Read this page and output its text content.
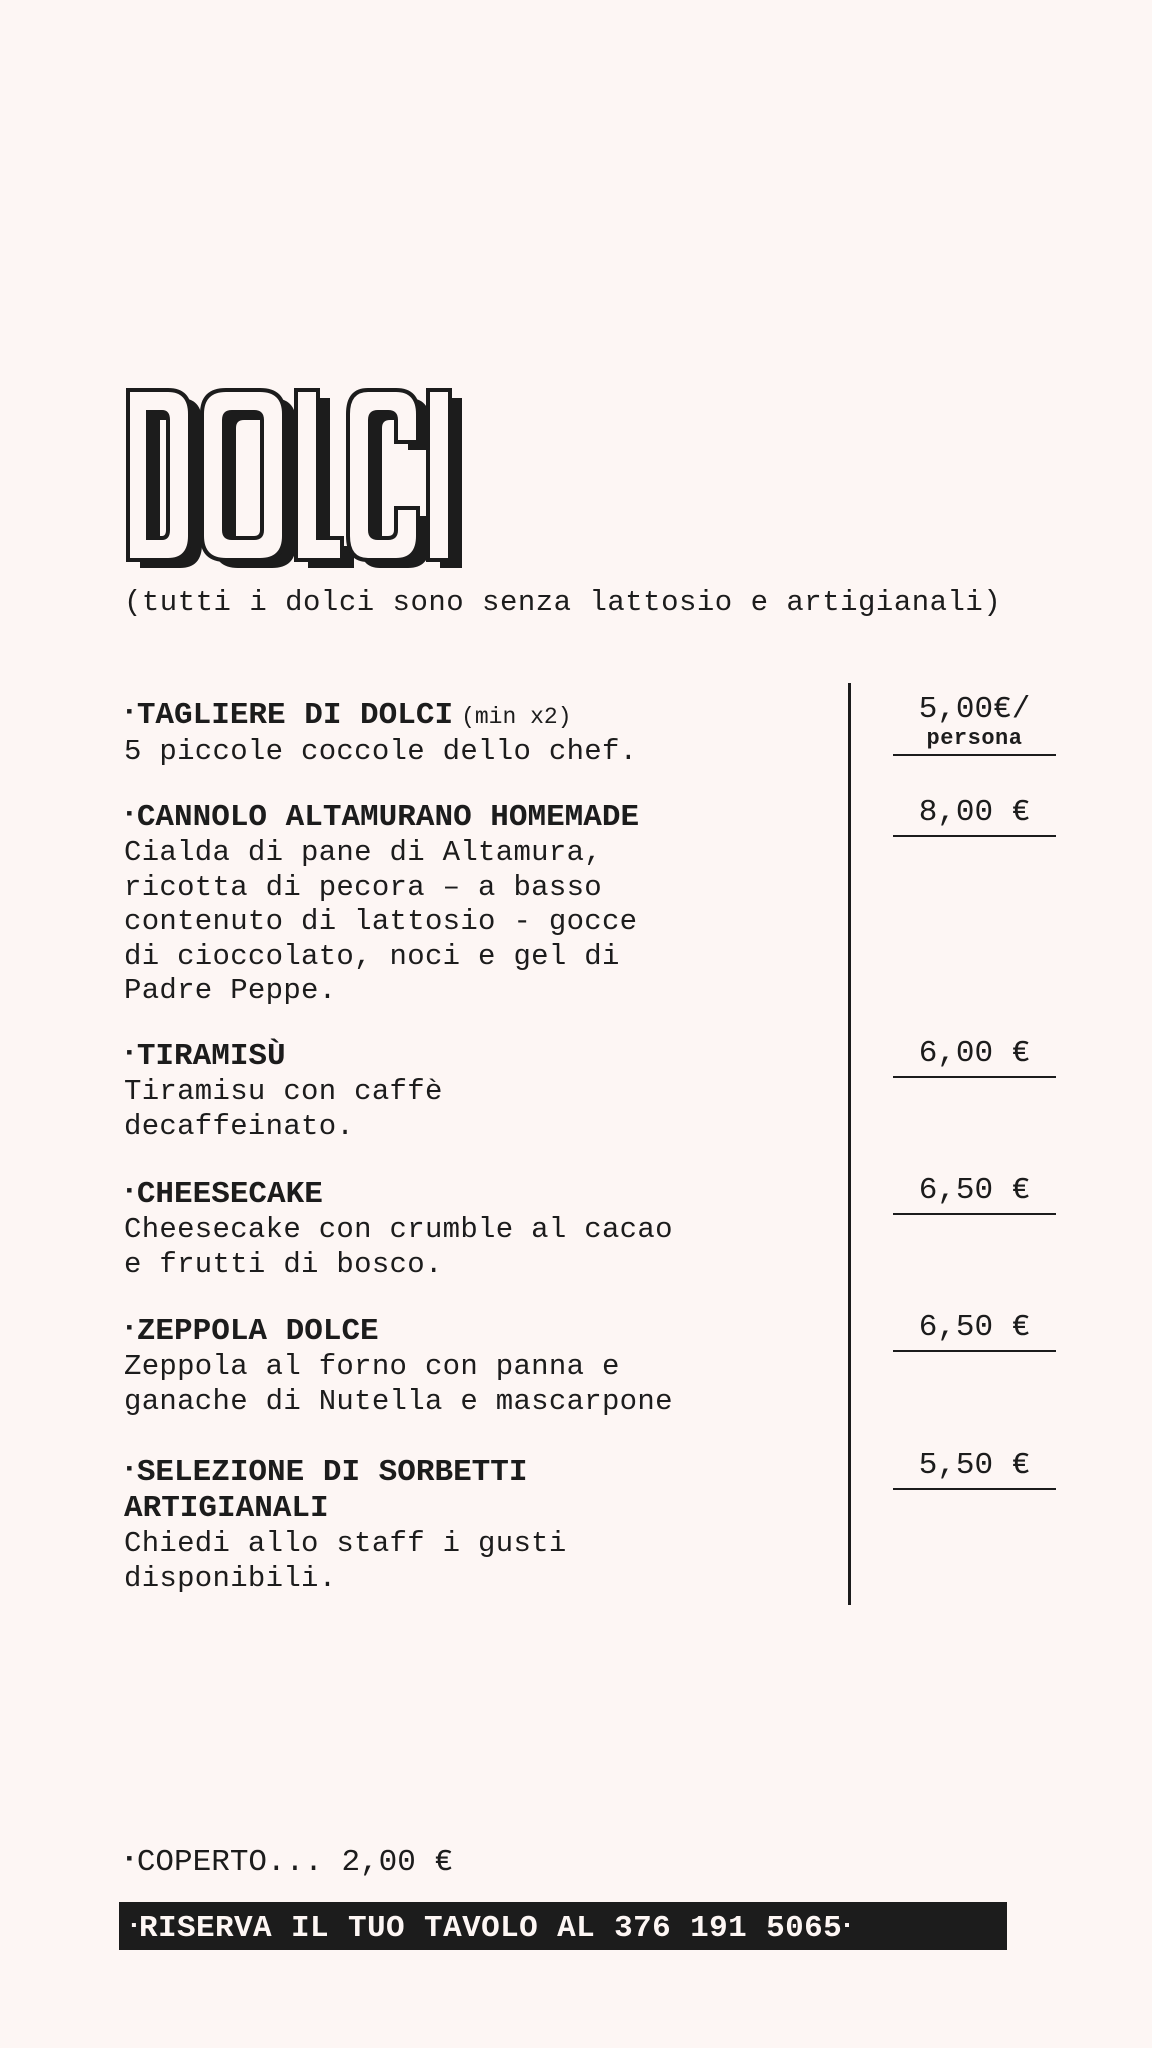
(tutti i dolci sono senza lattosio e artigianali)
▪TAGLIERE DI DOLCI (min x2)
5 piccole coccole dello chef.
5,00€/
persona
▪CANNOLO ALTAMURANO HOMEMADE
Cialda di pane di Altamura,
ricotta di pecora – a basso
contenuto di lattosio - gocce
di cioccolato, noci e gel di
Padre Peppe.
8,00 €
▪TIRAMISÙ
Tiramisu con caffè
decaffeinato.
6,00 €
▪CHEESECAKE
Cheesecake con crumble al cacao
e frutti di bosco.
6,50 €
▪ZEPPOLA DOLCE
Zeppola al forno con panna e
ganache di Nutella e mascarpone
6,50 €
▪SELEZIONE DI SORBETTI
ARTIGIANALI
Chiedi allo staff i gusti
disponibili.
5,50 €
▪COPERTO... 2,00 €
▪RISERVA IL TUO TAVOLO AL 376 191 5065▪
